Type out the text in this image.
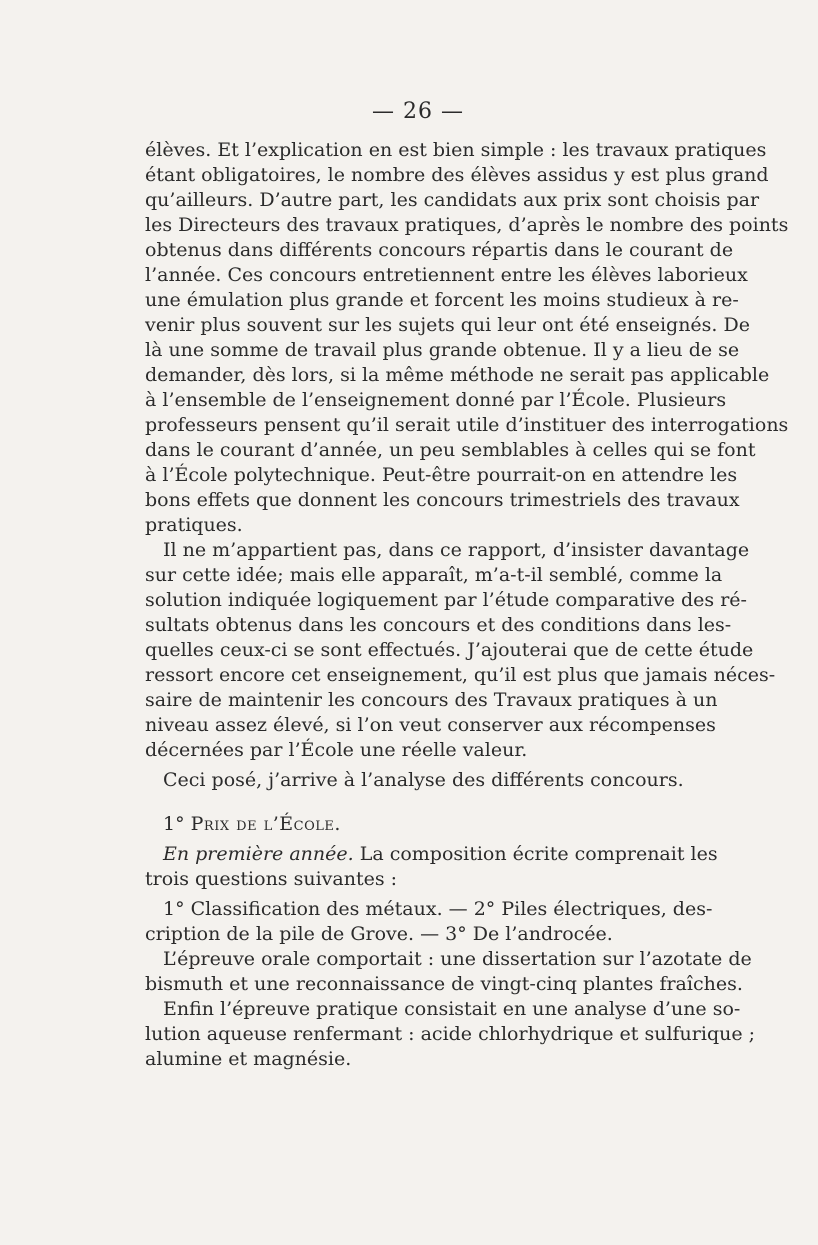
— 26 —
élèves. Et l’explication en est bien simple : les travaux pratiques
étant obligatoires, le nombre des élèves assidus y est plus grand
qu’ailleurs. D’autre part, les candidats aux prix sont choisis par
les Directeurs des travaux pratiques, d’après le nombre des points
obtenus dans différents concours répartis dans le courant de
l’année. Ces concours entretiennent entre les élèves laborieux
une émulation plus grande et forcent les moins studieux à re-
venir plus souvent sur les sujets qui leur ont été enseignés. De
là une somme de travail plus grande obtenue. Il y a lieu de se
demander, dès lors, si la même méthode ne serait pas applicable
à l’ensemble de l’enseignement donné par l’École. Plusieurs
professeurs pensent qu’il serait utile d’instituer des interrogations
dans le courant d’année, un peu semblables à celles qui se font
à l’École polytechnique. Peut-être pourrait-on en attendre les
bons effets que donnent les concours trimestriels des travaux
pratiques.
Il ne m’appartient pas, dans ce rapport, d’insister davantage
sur cette idée; mais elle apparaît, m’a-t-il semblé, comme la
solution indiquée logiquement par l’étude comparative des ré-
sultats obtenus dans les concours et des conditions dans les-
quelles ceux-ci se sont effectués. J’ajouterai que de cette étude
ressort encore cet enseignement, qu’il est plus que jamais néces-
saire de maintenir les concours des Travaux pratiques à un
niveau assez élevé, si l’on veut conserver aux récompenses
décernées par l’École une réelle valeur.
Ceci posé, j’arrive à l’analyse des différents concours.
1° Prix de l’École.
En première année. La composition écrite comprenait les
trois questions suivantes :
1° Classification des métaux. — 2° Piles électriques, des-
cription de la pile de Grove. — 3° De l’androcée.
L’épreuve orale comportait : une dissertation sur l’azotate de
bismuth et une reconnaissance de vingt-cinq plantes fraîches.
Enfin l’épreuve pratique consistait en une analyse d’une so-
lution aqueuse renfermant : acide chlorhydrique et sulfurique ;
alumine et magnésie.
